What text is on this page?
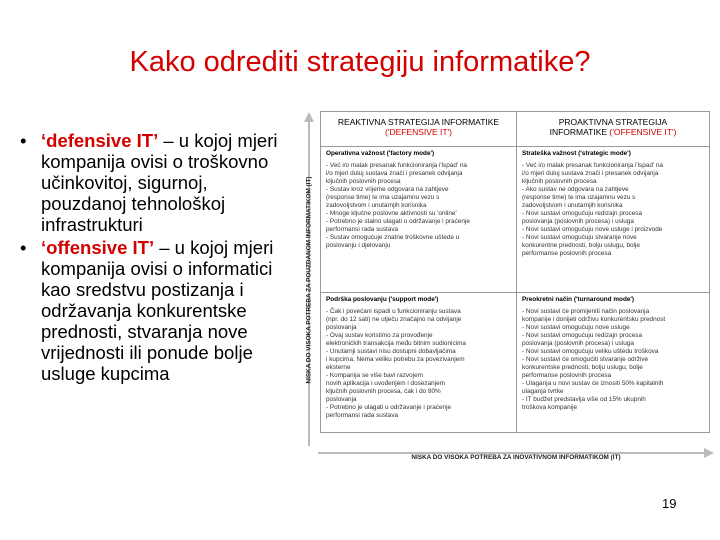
Kako odrediti strategiju informatike?
• ‘defensive IT’ – u kojoj mjeri kompanija ovisi o troškovno učinkovitoj, sigurnoj, pouzdanoj tehnološkoj infrastrukturi
• ‘offensive IT’ – u kojoj mjeri kompanija ovisi o informatici kao sredstvu postizanja i održavanja konkurentske prednosti, stvaranja nove vrijednosti ili ponude bolje usluge kupcima	NISKA DO VISOKA POTREBA ZA POUZDANOM INFORMATIKOM (IT)
NISKA DO VISOKA POTREBA ZA INOVATIVNOM INFORMATIKOM (IT)
REAKTIVNA STRATEGIJA INFORMATIKE
('DEFENSIVE IT')
PROAKTIVNA STRATEGIJA
INFORMATIKE ('OFFENSIVE IT')
Operativna važnost ('factory mode')
- Već i/o malak presanak funkcioniranja i'lspad' na
i/o mjeri duluj sustava znači i presanek odvijanja
ključnih poslovnih procesa
- Sustav kroz vrijeme odgovara na zahtjeve
(response time) te ima uzajamnu vezu s
zadovoljstvom i unutarnjih korisnika
- Mnoge ključne poslovne aktivnosti su 'online'
- Potrebno je stalno ulagati u održavanje i praćenje
performansi rada sustava
- Sustav omogućuje znatne troškovne uštede u
poslovanju i djelovanju
Strateška važnost ('strategic mode')
- Već i/o malak presanak funkcioniranja i'lspad' na
i/o mjeri duluj sustava znači i presanek odvijanja
ključnih poslovnih procesa
- Ako sustav ne odgovara na zahtjeve
(response time) te ima uzajamnu vezu s
zadovoljstvom i unutarnjih korisnika
- Novi sustavi omogućuju redizajn procesa
poslovanja (poslovnih procesa) i usluga
- Novi sustavi omogućuju nove usluge i proizvode
- Novi sustavi omogućuju stvaranje nove
konkurentne prednosti, bolju uslugu, bolje
performanse poslovnih procesa
Podrška poslovanju ('support mode')
- Čak i povećani ispadi u funkcioniranju sustava
(npr. do 12 sati) ne utječu značajno na odvijanje
poslovanja
- Ovaj sustav koristimo za provođenje
elektroničkih transakcija među bitnim sudionicima
- Unutarnji sustavi nisu dostupni dobavljačima
i kupcima. Nema veliku potrebu za povezivanjem
eksterne
- Kompanija se više bavi razvojem
novih aplikacija i uvođenjem i dosezanjem
ključnih poslovnih procesa, čak i do 80%
poslovanja
- Potrebno je ulagati u održavanje i praćenje
performansi rada sustava
Preokretni način ('turnaround mode')
- Novi sustavi će promijeniti način poslovanja
kompanije i donijeti održivu konkurentsku prednost
- Novi sustavi omogućuju nove usluge
- Novi sustavi omogućuju redizajn procesa
poslovanja (poslovnih procesa) i usluga
- Novi sustavi omogućuju veliku uštedu troškova
- Novi sustavi će omogućiti stvaranje održive
konkurentske prednosti, bolju uslugu, bolje
performanse poslovnih procesa
- Ulaganja u novi sustav će iznositi 50% kapitalnih
ulaganja tvrtke
- IT budžet predstavlja više od 15% ukupnih
troškova kompanije
19
